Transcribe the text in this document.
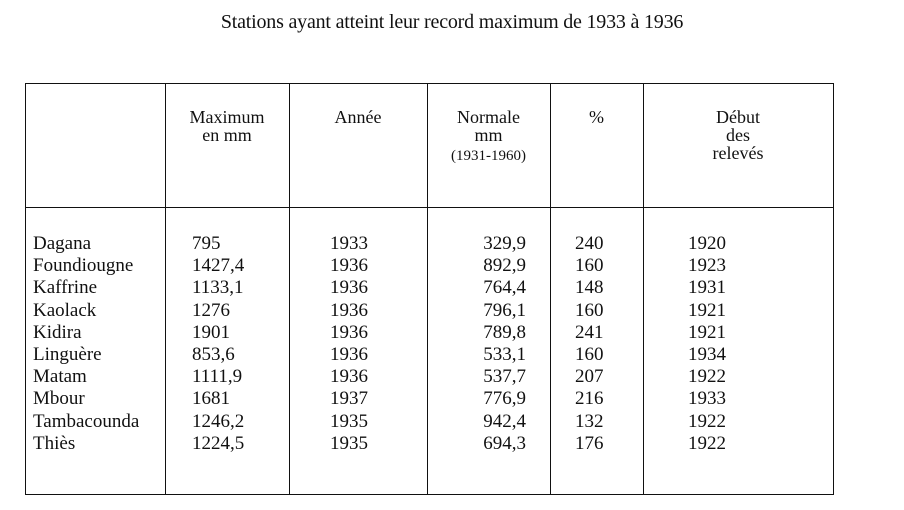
Stations ayant atteint leur record maximum de 1933 à 1936
Maximum
en mm
Année	Normale
mm
(1931-1960)
%	Début
des
relevés
Dagana
Foundiougne
Kaffrine
Kaolack
Kidira
Linguère
Matam
Mbour
Tambacounda
Thiès
795
1427,4
1133,1
1276
1901
853,6
1111,9
1681
1246,2
1224,5
1933
1936
1936
1936
1936
1936
1936
1937
1935
1935
329,9
892,9
764,4
796,1
789,8
533,1
537,7
776,9
942,4
694,3
240
160
148
160
241
160
207
216
132
176
1920
1923
1931
1921
1921
1934
1922
1933
1922
1922
